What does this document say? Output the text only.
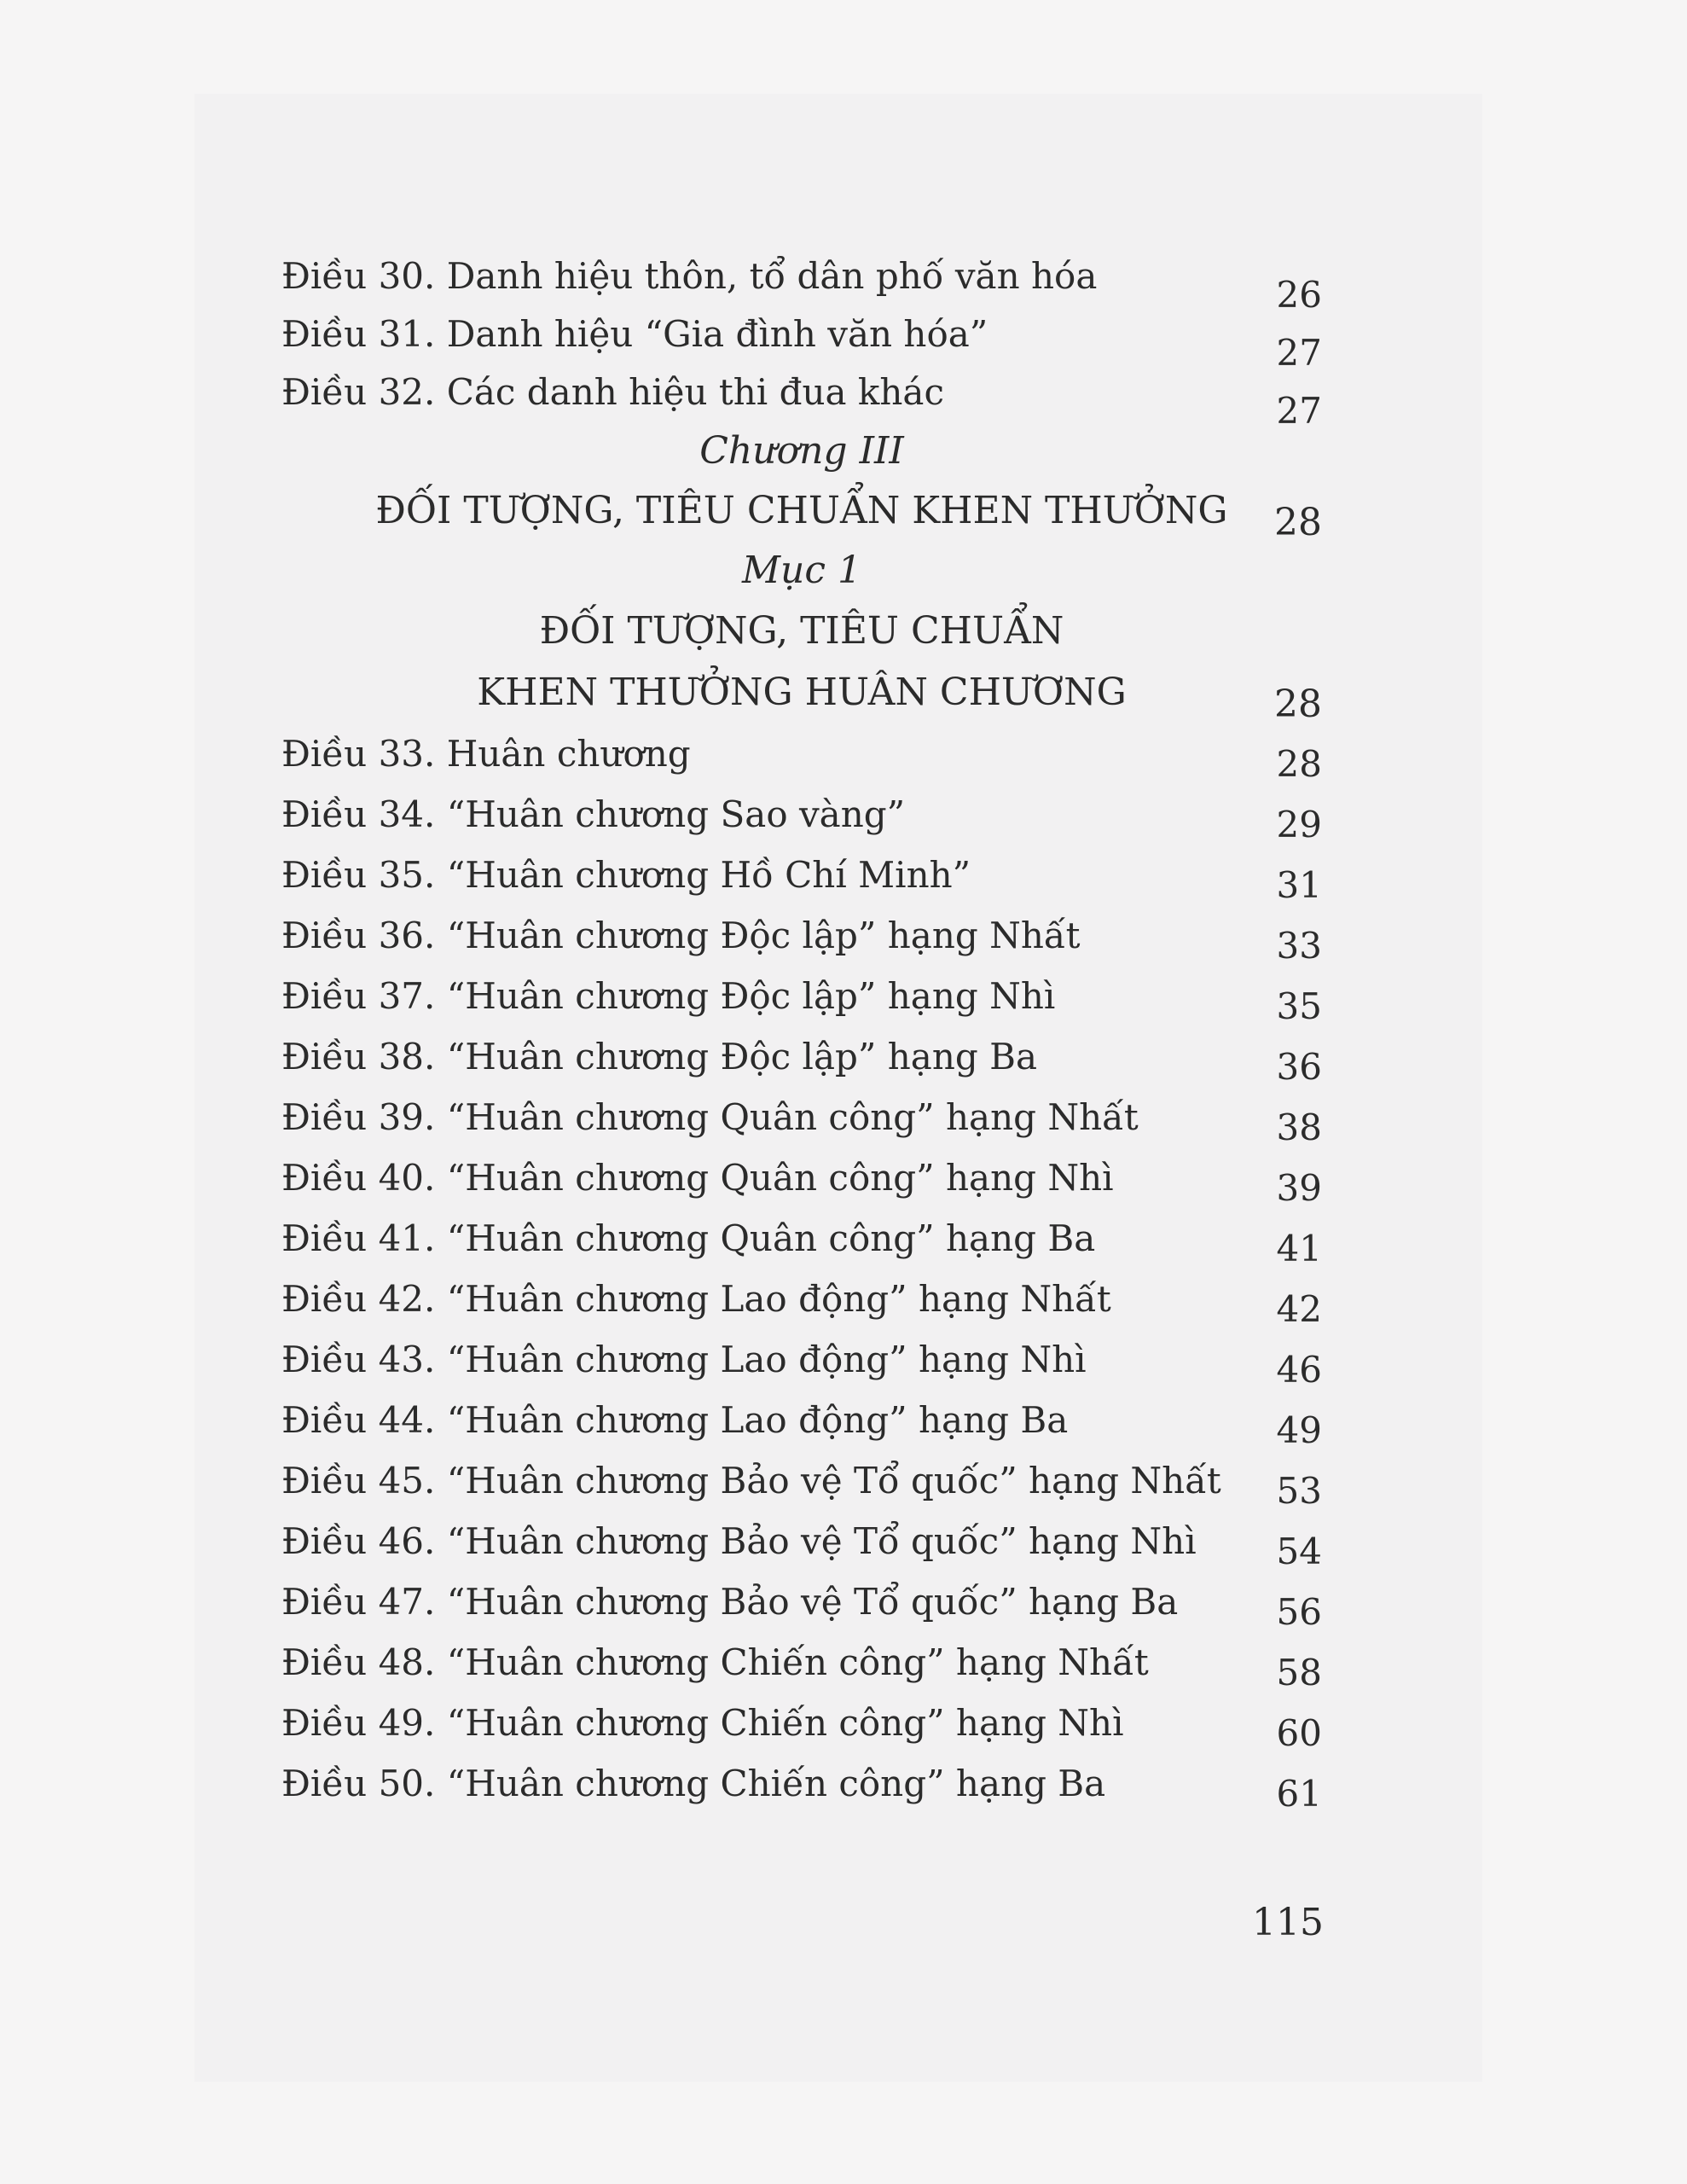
Điều 30. Danh hiệu thôn, tổ dân phố văn hóa	26
Điều 31. Danh hiệu “Gia đình văn hóa”	27
Điều 32. Các danh hiệu thi đua khác	27
Chương III
ĐỐI TƯỢNG, TIÊU CHUẨN KHEN THƯỞNG 28
Mục 1
ĐỐI TƯỢNG, TIÊU CHUẨN
KHEN THƯỞNG HUÂN CHƯƠNG	28
Điều 33. Huân chương	28
Điều 34. “Huân chương Sao vàng”	29
Điều 35. “Huân chương Hồ Chí Minh”	31
Điều 36. “Huân chương Độc lập” hạng Nhất	33
Điều 37. “Huân chương Độc lập” hạng Nhì	35
Điều 38. “Huân chương Độc lập” hạng Ba	36
Điều 39. “Huân chương Quân công” hạng Nhất	38
Điều 40. “Huân chương Quân công” hạng Nhì	39
Điều 41. “Huân chương Quân công” hạng Ba	41
Điều 42. “Huân chương Lao động” hạng Nhất	42
Điều 43. “Huân chương Lao động” hạng Nhì	46
Điều 44. “Huân chương Lao động” hạng Ba	49
Điều 45. “Huân chương Bảo vệ Tổ quốc” hạng Nhất 53
Điều 46. “Huân chương Bảo vệ Tổ quốc” hạng Nhì 54
Điều 47. “Huân chương Bảo vệ Tổ quốc” hạng Ba	56
Điều 48. “Huân chương Chiến công” hạng Nhất	58
Điều 49. “Huân chương Chiến công” hạng Nhì	60
Điều 50. “Huân chương Chiến công” hạng Ba	61
115
